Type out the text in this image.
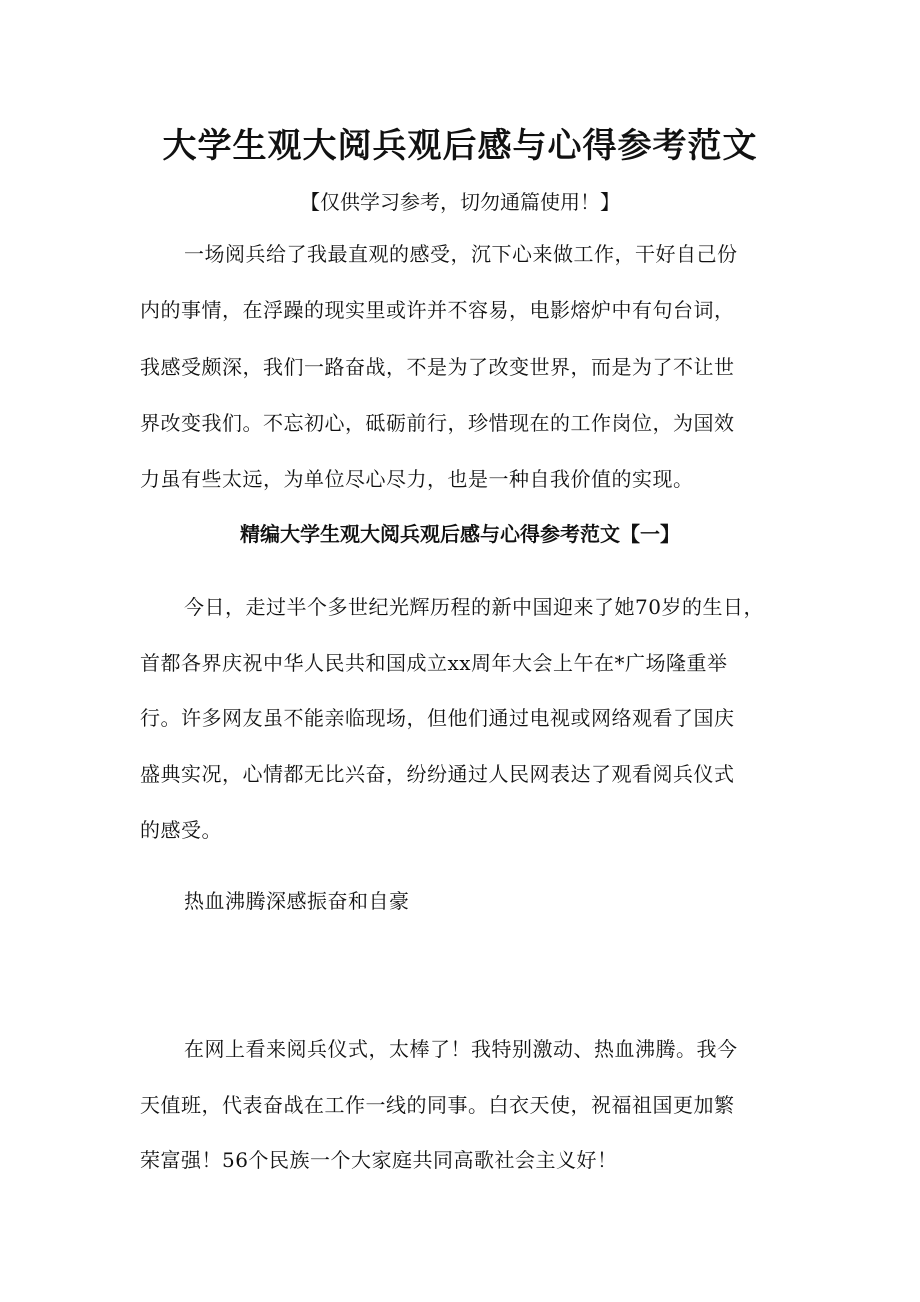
大学生观大阅兵观后感与心得参考范文
【仅供学习参考，切勿通篇使用！】
一场阅兵给了我最直观的感受，沉下心来做工作，干好自己份
内的事情，在浮躁的现实里或许并不容易，电影熔炉中有句台词，
我感受颇深，我们一路奋战，不是为了改变世界，而是为了不让世
界改变我们。不忘初心，砥砺前行，珍惜现在的工作岗位，为国效
力虽有些太远，为单位尽心尽力，也是一种自我价值的实现。
精编大学生观大阅兵观后感与心得参考范文【一】
今日，走过半个多世纪光辉历程的新中国迎来了她70岁的生日，
首都各界庆祝中华人民共和国成立xx周年大会上午在*广场隆重举
行。许多网友虽不能亲临现场，但他们通过电视或网络观看了国庆
盛典实况，心情都无比兴奋，纷纷通过人民网表达了观看阅兵仪式
的感受。
热血沸腾深感振奋和自豪
在网上看来阅兵仪式，太棒了！我特别激动、热血沸腾。我今
天值班，代表奋战在工作一线的同事。白衣天使，祝福祖国更加繁
荣富强！56个民族一个大家庭共同高歌社会主义好！
